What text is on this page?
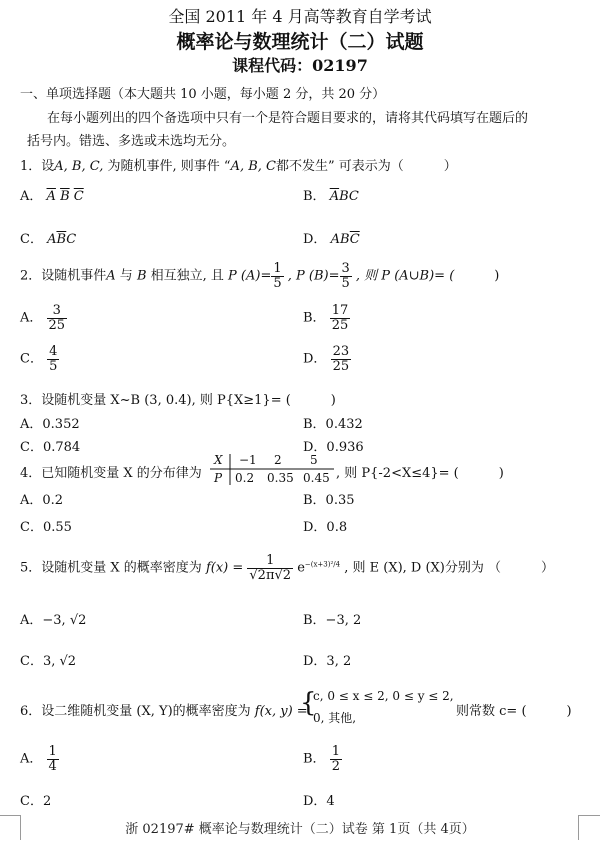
全国 2011 年 4 月高等教育自学考试
概率论与数理统计（二）试题
课程代码：02197
一、单项选择题（本大题共 10 小题，每小题 2 分，共 20 分）
在每小题列出的四个备选项中只有一个是符合题目要求的，请将其代码填写在题后的
括号内。错选、多选或未选均无分。
1．设A, B, C, 为随机事件, 则事件 “A, B, C都不发生” 可表示为（	）
A． $\overline{A}$ $\overline{B}$ $\overline{C}$	B． $\overline{A}BC$
C． $A\overline{B}C$	D． $AB\overline{C}$
2．设随机事件A 与 B 相互独立, 且 P $(A)= \frac{1}{5}$ , P $(B)= \frac{3}{5}$ , 则 P (A∪B)= (	)
A． $\frac{3}{25}$	B． $\frac{17}{25}$
C． $\frac{4}{5}$	D． $\frac{23}{25}$
3．设随机变量 X~B (3, 0.4), 则 P{X≥1}= (	)
A．0.352	B．0.432
C．0.784	D．0.936
4．已知随机变量 X 的分布律为
X −1 2 5
P 0.2 0.35 0.45 , 则 P{-2<X≤4}= (	)
A．0.2	B．0.35
C．0.55	D．0.8
5．设随机变量 X 的概率密度为 $f(x) = \frac{1}{√2\pi√2} e^{-(x+3)^2/4}$ , 则 E (X), D (X)分别为 （	）
A．−3, √2	B．−3, 2
C．3, √2	D．3, 2
6．设二维随机变量 (X, Y)的概率密度为 f(x, y) =
{
c, 0 ≤ x ≤ 2, 0 ≤ y ≤ 2,
0, 其他,	则常数 c= (	)
A． $\frac{1}{4}$	B． $\frac{1}{2}$
C．2	D．4
浙 02197# 概率论与数理统计（二）试卷 第 1页（共 4页）
